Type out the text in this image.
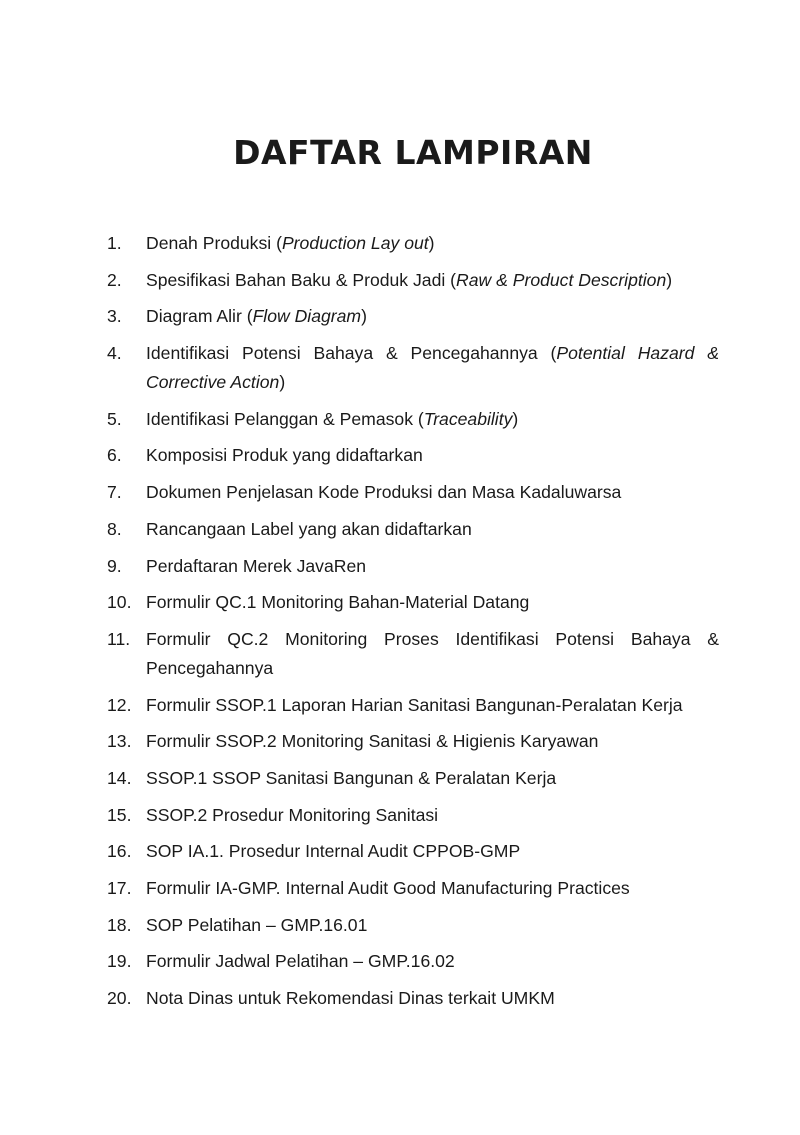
DAFTAR LAMPIRAN
1.	Denah Produksi (Production Lay out)
2.	Spesifikasi Bahan Baku & Produk Jadi (Raw & Product Description)
3.	Diagram Alir (Flow Diagram)
4.	Identifikasi Potensi Bahaya & Pencegahannya (Potential Hazard & Corrective Action)
5.	Identifikasi Pelanggan & Pemasok (Traceability)
6.	Komposisi Produk yang didaftarkan
7.	Dokumen Penjelasan Kode Produksi dan Masa Kadaluwarsa
8.	Rancangaan Label yang akan didaftarkan
9.	Perdaftaran Merek JavaRen
10. Formulir QC.1 Monitoring Bahan-Material Datang
11. Formulir QC.2 Monitoring Proses Identifikasi Potensi Bahaya & Pencegahannya
12. Formulir SSOP.1 Laporan Harian Sanitasi Bangunan-Peralatan Kerja
13. Formulir SSOP.2 Monitoring Sanitasi & Higienis Karyawan
14. SSOP.1 SSOP Sanitasi Bangunan & Peralatan Kerja
15. SSOP.2 Prosedur Monitoring Sanitasi
16. SOP IA.1. Prosedur Internal Audit CPPOB-GMP
17. Formulir IA-GMP. Internal Audit Good Manufacturing Practices
18. SOP Pelatihan – GMP.16.01
19. Formulir Jadwal Pelatihan – GMP.16.02
20. Nota Dinas untuk Rekomendasi Dinas terkait UMKM
